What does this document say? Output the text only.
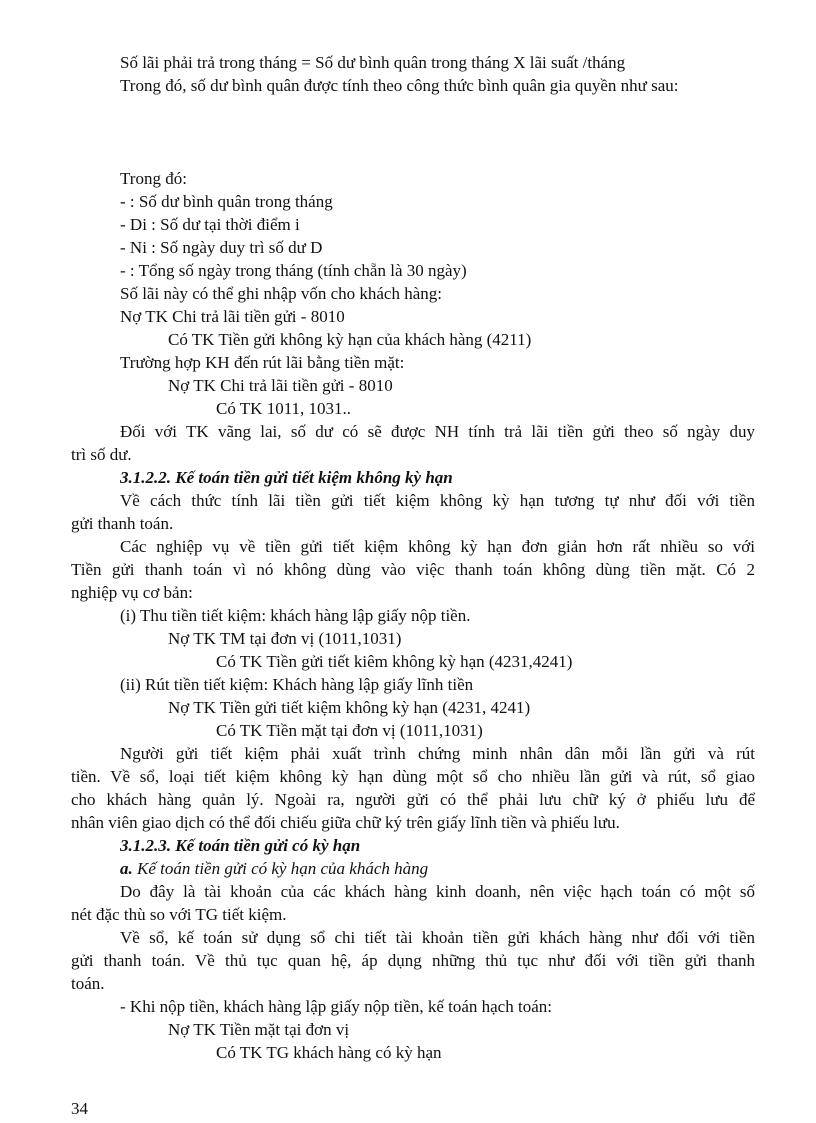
Số lãi phải trả trong tháng = Số dư bình quân trong tháng X lãi suất /tháng
Trong đó, số dư bình quân được tính theo công thức bình quân gia quyền như sau:
Trong đó:
- : Số dư bình quân trong tháng
- Di : Số dư tại thời điểm i
- Ni : Số ngày duy trì số dư D
- : Tổng số ngày trong tháng (tính chẵn là 30 ngày)
Số lãi này có thể ghi nhập vốn cho khách hàng:
Nợ TK Chi trả lãi tiền gửi - 8010
Có TK Tiền gửi không kỳ hạn của khách hàng (4211)
Trường hợp KH đến rút lãi bằng tiền mặt:
Nợ TK Chi trả lãi tiền gửi - 8010
Có TK 1011, 1031..
Đối với TK vãng lai, số dư có sẽ được NH tính trả lãi tiền gửi theo số ngày duy
trì số dư.
3.1.2.2. Kế toán tiền gửi tiết kiệm không kỳ hạn
Về cách thức tính lãi tiền gửi tiết kiệm không kỳ hạn tương tự như đối với tiền
gửi thanh toán.
Các nghiệp vụ về tiền gửi tiết kiệm không kỳ hạn đơn giản hơn rất nhiều so với
Tiền gửi thanh toán vì nó không dùng vào việc thanh toán không dùng tiền mặt. Có 2
nghiệp vụ cơ bản:
(i) Thu tiền tiết kiệm: khách hàng lập giấy nộp tiền.
Nợ TK TM tại đơn vị (1011,1031)
Có TK Tiền gửi tiết kiêm không kỳ hạn (4231,4241)
(ii) Rút tiền tiết kiệm: Khách hàng lập giấy lĩnh tiền
Nợ TK Tiền gửi tiết kiệm không kỳ hạn (4231, 4241)
Có TK Tiền mặt tại đơn vị (1011,1031)
Người gửi tiết kiệm phải xuất trình chứng minh nhân dân mỗi lần gửi và rút
tiền. Về sổ, loại tiết kiệm không kỳ hạn dùng một sổ cho nhiều lần gửi và rút, sổ giao
cho khách hàng quản lý. Ngoài ra, người gửi có thể phải lưu chữ ký ở phiếu lưu để
nhân viên giao dịch có thể đối chiếu giữa chữ ký trên giấy lĩnh tiền và phiếu lưu.
3.1.2.3. Kế toán tiền gửi có kỳ hạn
a. Kế toán tiền gửi có kỳ hạn của khách hàng
Do đây là tài khoản của các khách hàng kinh doanh, nên việc hạch toán có một số
nét đặc thù so với TG tiết kiệm.
Về sổ, kế toán sử dụng sổ chi tiết tài khoản tiền gửi khách hàng như đối với tiền
gửi thanh toán. Về thủ tục quan hệ, áp dụng những thủ tục như đối với tiền gửi thanh
toán.
- Khi nộp tiền, khách hàng lập giấy nộp tiền, kế toán hạch toán:
Nợ TK Tiền mặt tại đơn vị
Có TK TG khách hàng có kỳ hạn
34
